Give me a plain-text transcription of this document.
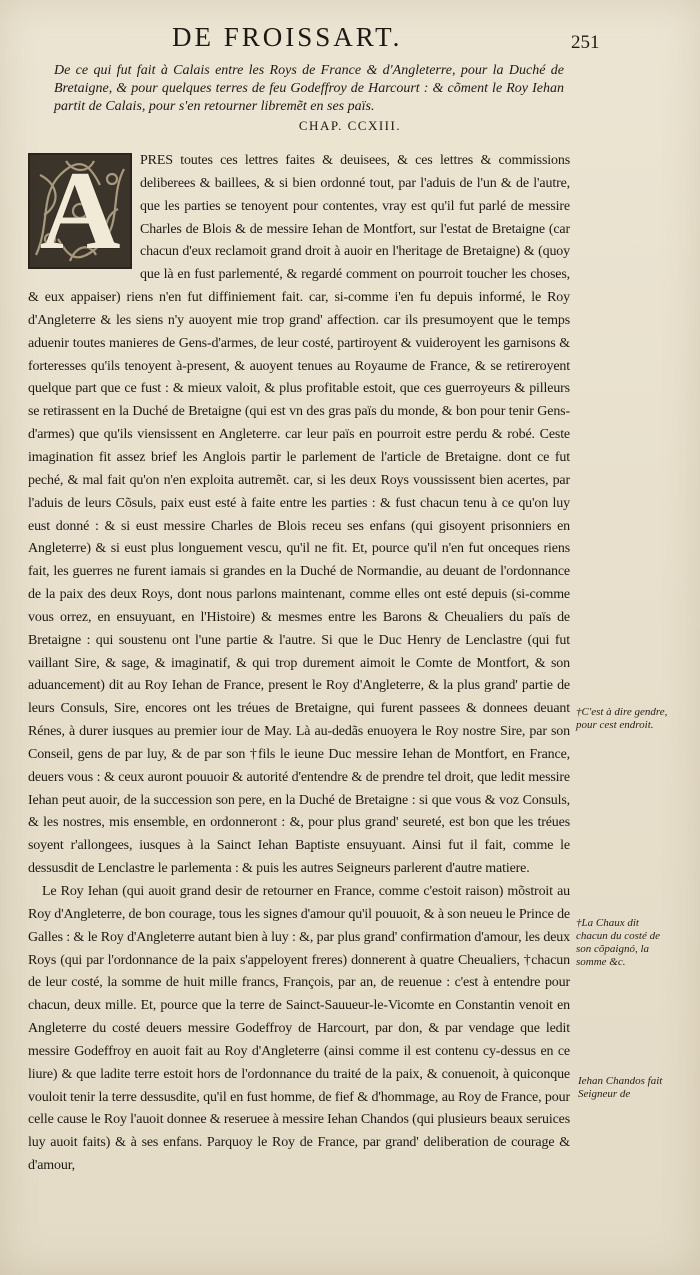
DE FROISSART.	251

De ce qui fut fait à Calais entre les Roys de France & d'Angleterre, pour la Duché de Bretaigne, & pour quelques terres de feu Godeffroy de Harcourt : & cõment le Roy Iehan partit de Calais, pour s'en retourner libremẽt en ses païs.

CHAP. CCXIII.
A	PRES toutes ces lettres faites & deuisees, & ces lettres & commissions deliberees & baillees, & si bien ordonné tout, par l'aduis de l'un & de l'autre, que les parties se tenoyent pour contentes, vray est qu'il fut parlé de messire Charles de Blois & de messire Iehan de Montfort, sur l'estat de Bretaigne (car chacun d'eux reclamoit grand droit à auoir en l'heritage de Bretaigne) & (quoy que là en fust parlementé, & regardé comment on pourroit toucher les choses, & eux appaiser) riens n'en fut diffiniement fait. car, si-comme i'en fu depuis informé, le Roy d'Angleterre & les siens n'y auoyent mie trop grand' affection. car ils presumoyent que le temps aduenir toutes manieres de Gens-d'armes, de leur costé, partiroyent & vuideroyent les garnisons & forteresses qu'ils tenoyent à-present, & auoyent tenues au Royaume de France, & se retireroyent quelque part que ce fust : & mieux valoit, & plus profitable estoit, que ces guerroyeurs & pilleurs se retirassent en la Duché de Bretaigne (qui est vn des gras païs du monde, & bon pour tenir Gens-d'armes) que qu'ils viensissent en Angleterre. car leur païs en pourroit estre perdu & robé. Ceste imagination fit assez brief les Anglois partir le parlement de l'article de Bretaigne. dont ce fut peché, & mal fait qu'on n'en exploita autremẽt. car, si les deux Roys voussissent bien acertes, par l'aduis de leurs Cõsuls, paix eust esté à faite entre les parties : & fust chacun tenu à ce qu'on luy eust donné : & si eust messire Charles de Blois receu ses enfans (qui gisoyent prisonniers en Angleterre) & si eust plus longuement vescu, qu'il ne fit. Et, pource qu'il n'en fut onceques riens fait, les guerres ne furent iamais si grandes en la Duché de Normandie, au deuant de l'ordonnance de la paix des deux Roys, dont nous parlons maintenant, comme elles ont esté depuis (si-comme vous orrez, en ensuyuant, en l'Histoire) & mesmes entre les Barons & Cheualiers du païs de Bretaigne : qui soustenu ont l'une partie & l'autre. Si que le Duc Henry de Lenclastre (qui fut vaillant Sire, & sage, & imaginatif, & qui trop durement aimoit le Comte de Montfort, & son aduancement) dit au Roy Iehan de France, present le Roy d'Angleterre, & la plus grand' partie de leurs Consuls, Sire, encores ont les tréues de Bretaigne, qui furent passees & donnees deuant Rénes, à durer iusques au premier iour de May. Là au-dedãs enuoyera le Roy nostre Sire, par son Conseil, gens de par luy, & de par son †fils le ieune Duc messire Iehan de Montfort, en France, deuers vous : & ceux auront pouuoir & autorité d'entendre & de prendre tel droit, que ledit messire Iehan peut auoir, de la succession son pere, en la Duché de Bretaigne : si que vous & voz Consuls, & les nostres, mis ensemble, en ordonneront : &, pour plus grand' seureté, est bon que les tréues soyent r'allongees, iusques à la Sainct Iehan Baptiste ensuyuant. Ainsi fut il fait, comme le dessusdit de Lenclastre le parlementa : & puis les autres Seigneurs parlerent d'autre matiere.

Le Roy Iehan (qui auoit grand desir de retourner en France, comme c'estoit raison) mõstroit au Roy d'Angleterre, de bon courage, tous les signes d'amour qu'il pouuoit, & à son neueu le Prince de Galles : & le Roy d'Angleterre autant bien à luy : &, par plus grand' confirmation d'amour, les deux Roys (qui par l'ordonnance de la paix s'appeloyent freres) donnerent à quatre Cheualiers, †chacun de leur costé, la somme de huit mille francs, François, par an, de reuenue : c'est à entendre pour chacun, deux mille. Et, pource que la terre de Sainct-Sauueur-le-Vicomte en Constantin venoit en Angleterre du costé deuers messire Godeffroy de Harcourt, par don, & par vendage que ledit messire Godeffroy en auoit fait au Roy d'Angleterre (ainsi comme il est contenu cy-dessus en ce liure) & que ladite terre estoit hors de l'ordonnance du traité de la paix, & conuenoit, à quiconque vouloit tenir la terre dessusdite, qu'il en fust homme, de fief & d'hommage, au Roy de France, pour celle cause le Roy l'auoit donnee & reseruee à messire Iehan Chandos (qui plusieurs beaux seruices luy auoit faits) & à ses enfans. Parquoy le Roy de France, par grand' deliberation de courage & d'amour,

†C'est à dire gendre, pour cest endroit.

†La Chaux dit chacun du costé de son cõpaignó, la somme &c.

Iehan Chandos fait Seigneur de
